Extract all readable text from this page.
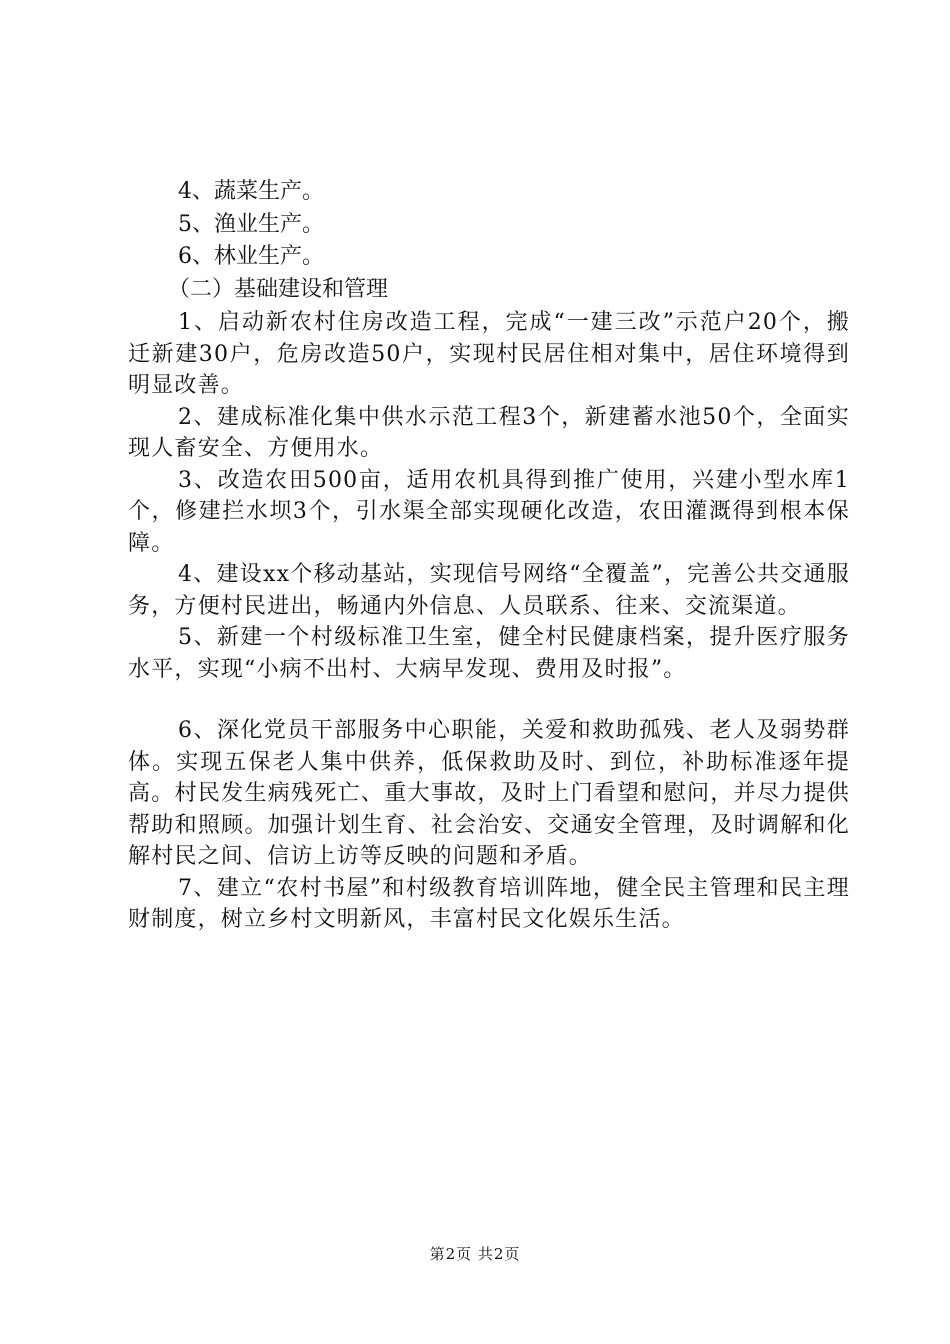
4、蔬菜生产。

5、渔业生产。

6、林业生产。

（二）基础建设和管理

1、启动新农村住房改造工程，完成“一建三改”示范户20个，搬迁新建30户，危房改造50户，实现村民居住相对集中，居住环境得到明显改善。

2、建成标准化集中供水示范工程3个，新建蓄水池50个，全面实现人畜安全、方便用水。

3、改造农田500亩，适用农机具得到推广使用，兴建小型水库1个，修建拦水坝3个，引水渠全部实现硬化改造，农田灌溉得到根本保障。

4、建设xx个移动基站，实现信号网络“全覆盖”，完善公共交通服务，方便村民进出，畅通内外信息、人员联系、往来、交流渠道。

5、新建一个村级标准卫生室，健全村民健康档案，提升医疗服务水平，实现“小病不出村、大病早发现、费用及时报”。

6、深化党员干部服务中心职能，关爱和救助孤残、老人及弱势群体。实现五保老人集中供养，低保救助及时、到位，补助标准逐年提高。村民发生病残死亡、重大事故，及时上门看望和慰问，并尽力提供帮助和照顾。加强计划生育、社会治安、交通安全管理，及时调解和化解村民之间、信访上访等反映的问题和矛盾。

7、建立“农村书屋”和村级教育培训阵地，健全民主管理和民主理财制度，树立乡村文明新风，丰富村民文化娱乐生活。

第2页 共2页
